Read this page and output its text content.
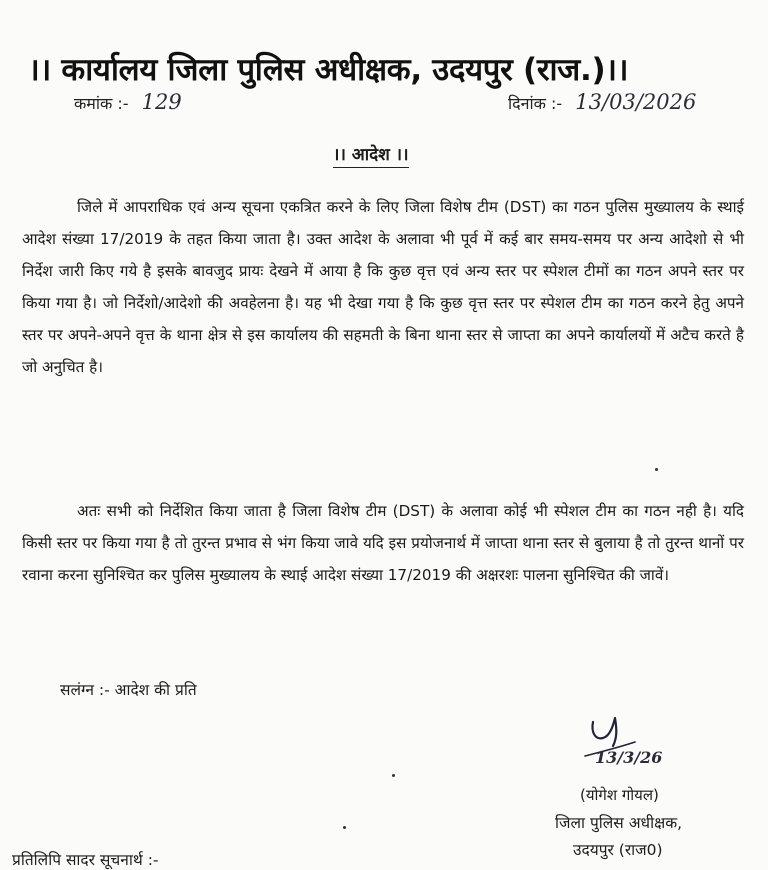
।। कार्यालय जिला पुलिस अधीक्षक, उदयपुर (राज.)।।
कमांक :- 129	दिनांक :- 13/03/2026
।। आदेश ।।

जिले में आपराधिक एवं अन्य सूचना एकत्रित करने के लिए जिला विशेष टीम (DST) का गठन पुलिस मुख्यालय के स्थाई आदेश संख्या 17/2019 के तहत किया जाता है। उक्त आदेश के अलावा भी पूर्व में कई बार समय-समय पर अन्य आदेशो से भी निर्देश जारी किए गये है इसके बावजुद प्रायः देखने में आया है कि कुछ वृत्त एवं अन्य स्तर पर स्पेशल टीमों का गठन अपने स्तर पर किया गया है। जो निर्देशो/आदेशो की अवहेलना है। यह भी देखा गया है कि कुछ वृत्त स्तर पर स्पेशल टीम का गठन करने हेतु अपने स्तर पर अपने-अपने वृत्त के थाना क्षेत्र से इस कार्यालय की सहमती के बिना थाना स्तर से जाप्ता का अपने कार्यालयों में अटैच करते है जो अनुचित है।

अतः सभी को निर्देशित किया जाता है जिला विशेष टीम (DST) के अलावा कोई भी स्पेशल टीम का गठन नही है। यदि किसी स्तर पर किया गया है तो तुरन्त प्रभाव से भंग किया जावे यदि इस प्रयोजनार्थ में जाप्ता थाना स्तर से बुलाया है तो तुरन्त थानों पर रवाना करना सुनिश्चित कर पुलिस मुख्यालय के स्थाई आदेश संख्या 17/2019 की अक्षरशः पालना सुनिश्चित की जावें।

सलंग्न :- आदेश की प्रति
13/3/26
(योगेश गोयल)
जिला पुलिस अधीक्षक,
उदयपुर (राज0)
प्रतिलिपि सादर सूचनार्थ :-
